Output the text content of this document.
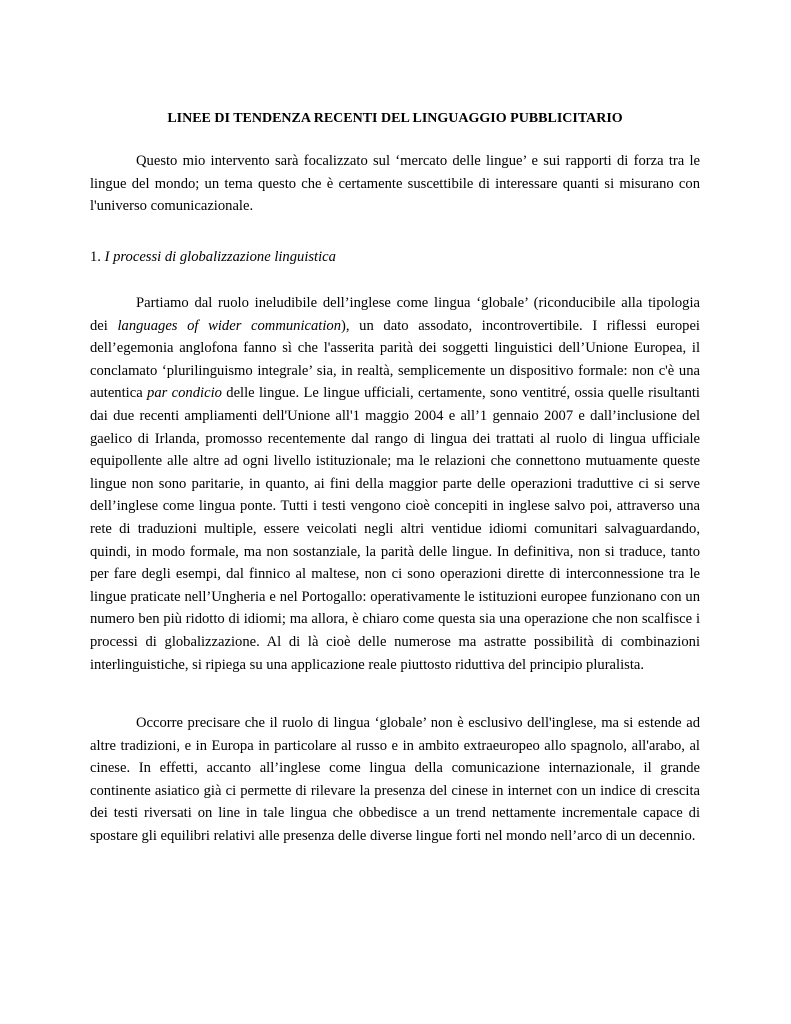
LINEE DI TENDENZA RECENTI DEL LINGUAGGIO PUBBLICITARIO

Questo mio intervento sarà focalizzato sul ‘mercato delle lingue’ e sui rapporti di forza tra le lingue del mondo; un tema questo che è certamente suscettibile di interessare quanti si misurano con l'universo comunicazionale.

1. I processi di globalizzazione linguistica

Partiamo dal ruolo ineludibile dell’inglese come lingua ‘globale’ (riconducibile alla tipologia dei languages of wider communication), un dato assodato, incontrovertibile. I riflessi europei dell’egemonia anglofona fanno sì che l'asserita parità dei soggetti linguistici dell’Unione Europea, il conclamato ‘plurilinguismo integrale’ sia, in realtà, semplicemente un dispositivo formale: non c'è una autentica par condicio delle lingue. Le lingue ufficiali, certamente, sono ventitré, ossia quelle risultanti dai due recenti ampliamenti dell'Unione all'1 maggio 2004 e all’1 gennaio 2007 e dall’inclusione del gaelico di Irlanda, promosso recentemente dal rango di lingua dei trattati al ruolo di lingua ufficiale equipollente alle altre ad ogni livello istituzionale; ma le relazioni che connettono mutuamente queste lingue non sono paritarie, in quanto, ai fini della maggior parte delle operazioni traduttive ci si serve dell’inglese come lingua ponte. Tutti i testi vengono cioè concepiti in inglese salvo poi, attraverso una rete di traduzioni multiple, essere veicolati negli altri ventidue idiomi comunitari salvaguardando, quindi, in modo formale, ma non sostanziale, la parità delle lingue. In definitiva, non si traduce, tanto per fare degli esempi, dal finnico al maltese, non ci sono operazioni dirette di interconnessione tra le lingue praticate nell’Ungheria e nel Portogallo: operativamente le istituzioni europee funzionano con un numero ben più ridotto di idiomi; ma allora, è chiaro come questa sia una operazione che non scalfisce i processi di globalizzazione. Al di là cioè delle numerose ma astratte possibilità di combinazioni interlinguistiche, si ripiega su una applicazione reale piuttosto riduttiva del principio pluralista.

Occorre precisare che il ruolo di lingua ‘globale’ non è esclusivo dell'inglese, ma si estende ad altre tradizioni, e in Europa in particolare al russo e in ambito extraeuropeo allo spagnolo, all'arabo, al cinese. In effetti, accanto all’inglese come lingua della comunicazione internazionale, il grande continente asiatico già ci permette di rilevare la presenza del cinese in internet con un indice di crescita dei testi riversati on line in tale lingua che obbedisce a un trend nettamente incrementale capace di spostare gli equilibri relativi alle presenza delle diverse lingue forti nel mondo nell’arco di un decennio.
